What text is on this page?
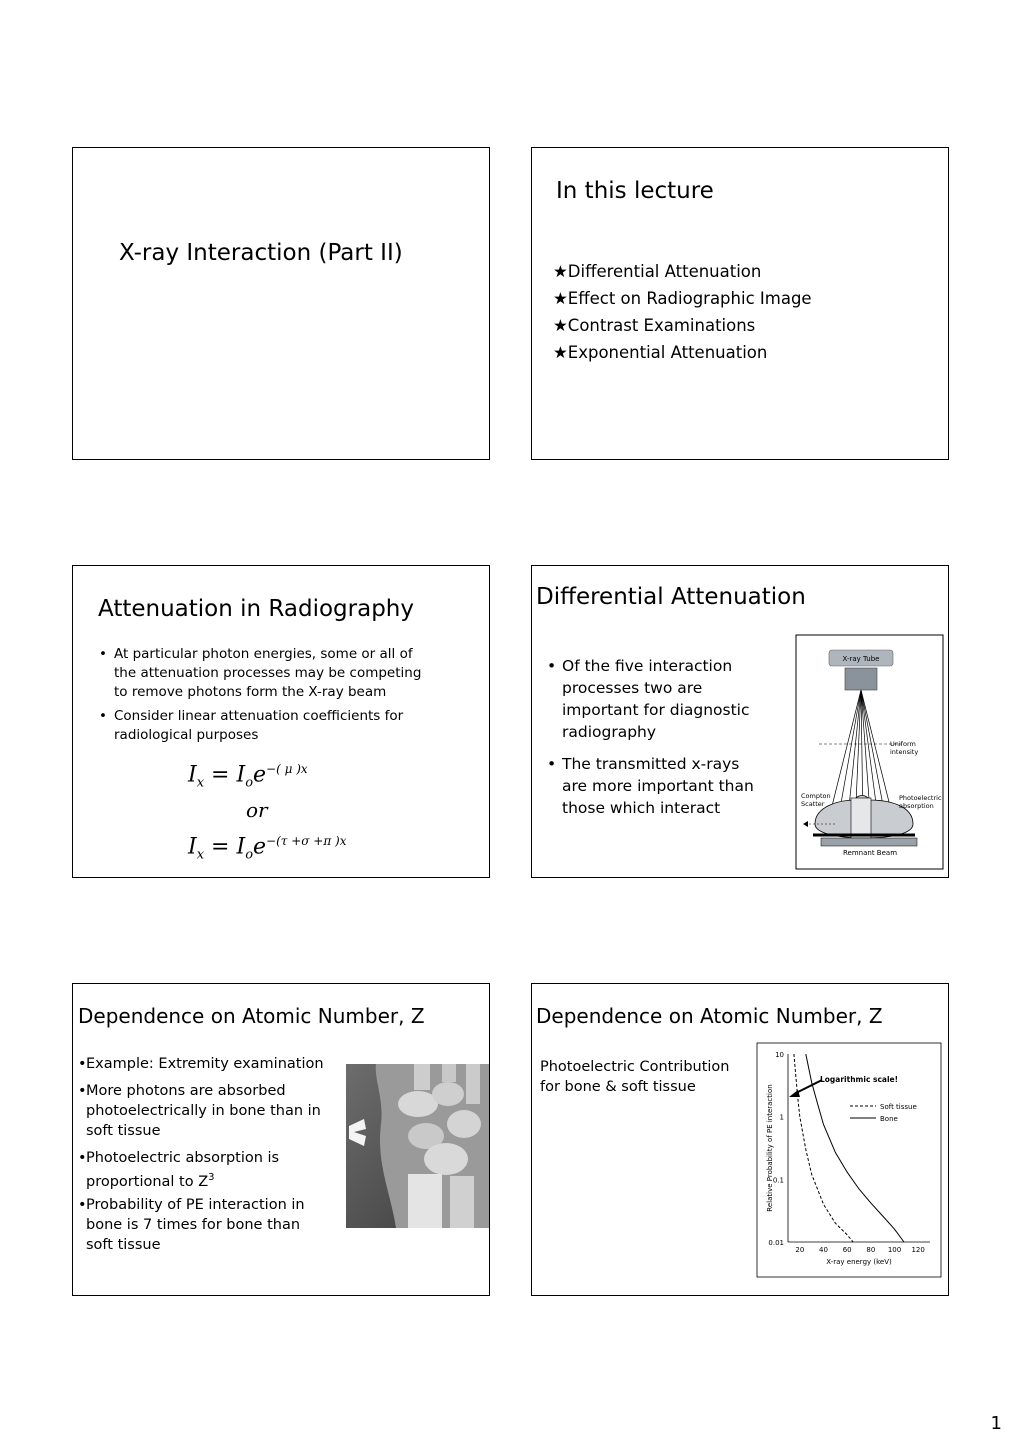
X-ray Interaction (Part II)
In this lecture
★Differential Attenuation
★Effect on Radiographic Image
★Contrast Examinations
★Exponential Attenuation
Attenuation in Radiography
• At particular photon energies, some or all of
the attenuation processes may be competing
to remove photons form the X-ray beam
• Consider linear attenuation coefficients for
radiological purposes
$I_x = I_oe^{-( \mu )x}$
or
$I_x = I_oe^{-(\tau +\sigma +\pi )x}$
Differential Attenuation
• Of the five interaction
processes two are
important for diagnostic
radiography
• The transmitted x-rays
are more important than
those which interact
X-ray Tube
Uniform
intensity
Compton
Scatter
Photoelectric
absorption
Remnant Beam
Dependence on Atomic Number, Z
• Example: Extremity examination
• More photons are absorbed
photoelectrically in bone than in
soft tissue
• Photoelectric absorption is
proportional to $Z^3$
• Probability of PE interaction in
bone is 7 times for bone than
soft tissue
Dependence on Atomic Number, Z
Photoelectric Contribution
for bone & soft tissue
10
1
0.1
0.01
20 40 60 80 100 120
X-ray energy (keV)
Relative Probability of PE interaction	Soft tissue
Bone
Logarithmic scale!
1
